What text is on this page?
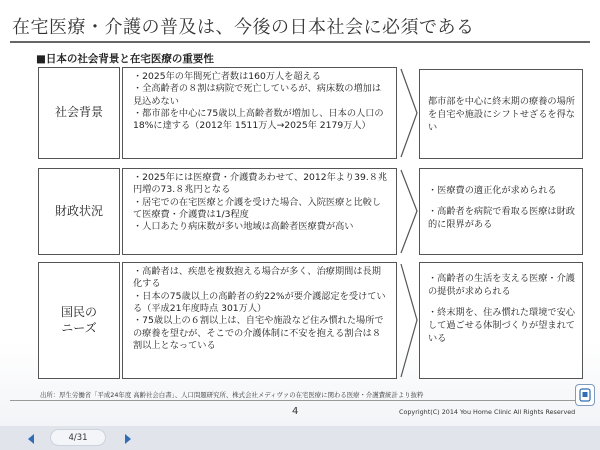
在宅医療・介護の普及は、今後の日本社会に必須である
■日本の社会背景と在宅医療の重要性
社会背景

・2025年の年間死亡者数は160万人を超える

・全高齢者の８割は病院で死亡しているが、病床数の増加は見込めない

・都市部を中心に75歳以上高齢者数が増加し、日本の人口の18%に達する（2012年 1511万人→2025年 2179万人）

都市部を中心に終末期の療養の場所を自宅や施設にシフトせざるを得ない

財政状況

・2025年には医療費・介護費あわせて、2012年より39.８兆円増の73.８兆円となる

・居宅での在宅医療と介護を受けた場合、入院医療と比較して医療費・介護費は1/3程度

・人口あたり病床数が多い地域は高齢者医療費が高い

・医療費の適正化が求められる

・高齢者を病院で看取る医療は財政的に限界がある

国民の
ニーズ

・高齢者は、疾患を複数抱える場合が多く、治療期間は長期化する

・日本の75歳以上の高齢者の約22%が要介護認定を受けている（平成21年度時点 301万人）

・75歳以上の６割以上は、自宅や施設など住み慣れた場所での療養を望むが、そこでの介護体制に不安を抱える割合は８割以上となっている

・高齢者の生活を支える医療・介護の提供が求められる

・終末期を、住み慣れた環境で安心して過ごせる体制づくりが望まれている

出所：厚生労働省「平成24年度 高齢社会白書」、人口問題研究所、株式会社メディヴァの在宅医療に関わる医療・介護費統計より抜粋
4	Copyright(C) 2014 You Home Clinic All Rights Reserved
4/31
